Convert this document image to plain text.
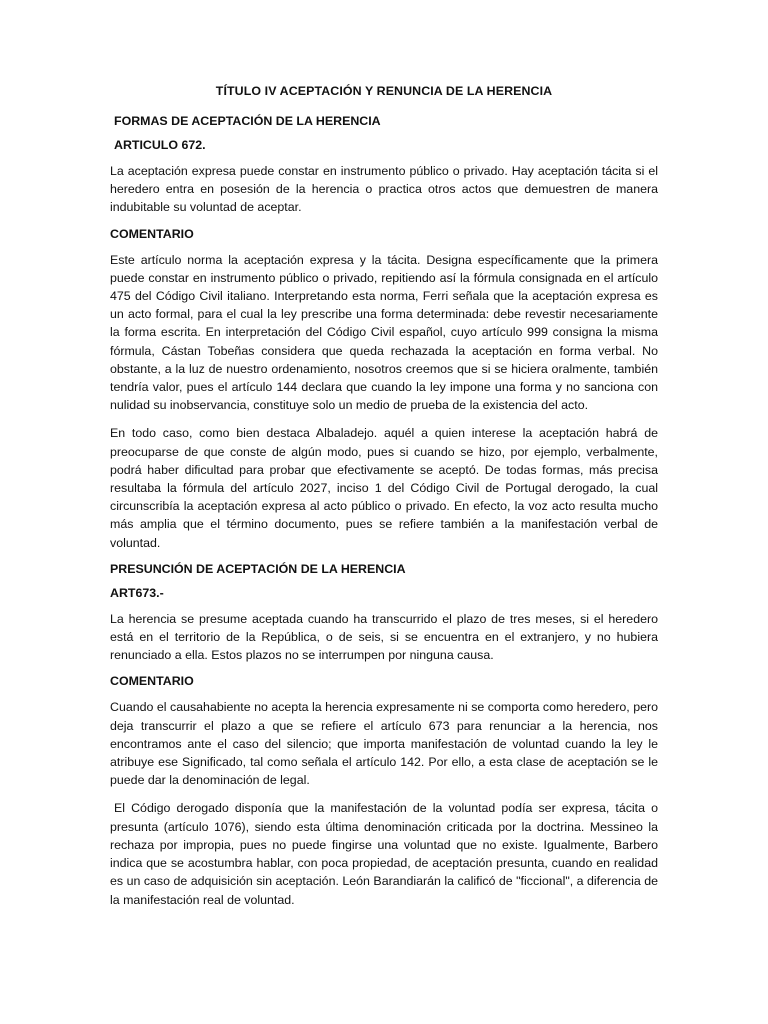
TÍTULO IV ACEPTACIÓN Y RENUNCIA DE LA HERENCIA

FORMAS DE ACEPTACIÓN DE LA HERENCIA

ARTICULO 672.

La aceptación expresa puede constar en instrumento público o privado. Hay aceptación tácita si el heredero entra en posesión de la herencia o practica otros actos que demuestren de manera indubitable su voluntad de aceptar.

COMENTARIO

Este artículo norma la aceptación expresa y la tácita. Designa específicamente que la primera puede constar en instrumento público o privado, repitiendo así la fórmula consignada en el artículo 475 del Código Civil italiano. Interpretando esta norma, Ferri señala que la aceptación expresa es un acto formal, para el cual la ley prescribe una forma determinada: debe revestir necesariamente la forma escrita. En interpretación del Código Civil español, cuyo artículo 999 consigna la misma fórmula, Cástan Tobeñas considera que queda rechazada la aceptación en forma verbal. No obstante, a la luz de nuestro ordenamiento, nosotros creemos que si se hiciera oralmente, también tendría valor, pues el artículo 144 declara que cuando la ley impone una forma y no sanciona con nulidad su inobservancia, constituye solo un medio de prueba de la existencia del acto.

En todo caso, como bien destaca Albaladejo. aquél a quien interese la aceptación habrá de preocuparse de que conste de algún modo, pues si cuando se hizo, por ejemplo, verbalmente, podrá haber dificultad para probar que efectivamente se aceptó. De todas formas, más precisa resultaba la fórmula del artículo 2027, inciso 1 del Código Civil de Portugal derogado, la cual circunscribía la aceptación expresa al acto público o privado. En efecto, la voz acto resulta mucho más amplia que el término documento, pues se refiere también a la manifestación verbal de voluntad.

PRESUNCIÓN DE ACEPTACIÓN DE LA HERENCIA

ART673.-

La herencia se presume aceptada cuando ha transcurrido el plazo de tres meses, si el heredero está en el territorio de la República, o de seis, si se encuentra en el extranjero, y no hubiera renunciado a ella. Estos plazos no se interrumpen por ninguna causa.

COMENTARIO

Cuando el causahabiente no acepta la herencia expresamente ni se comporta como heredero, pero deja transcurrir el plazo a que se refiere el artículo 673 para renunciar a la herencia, nos encontramos ante el caso del silencio; que importa manifestación de voluntad cuando la ley le atribuye ese Significado, tal como señala el artículo 142. Por ello, a esta clase de aceptación se le puede dar la denominación de legal.

El Código derogado disponía que la manifestación de la voluntad podía ser expresa, tácita o presunta (artículo 1076), siendo esta última denominación criticada por la doctrina. Messineo la rechaza por impropia, pues no puede fingirse una voluntad que no existe. Igualmente, Barbero indica que se acostumbra hablar, con poca propiedad, de aceptación presunta, cuando en realidad es un caso de adquisición sin aceptación. León Barandiarán la calificó de "ficcional", a diferencia de la manifestación real de voluntad.
